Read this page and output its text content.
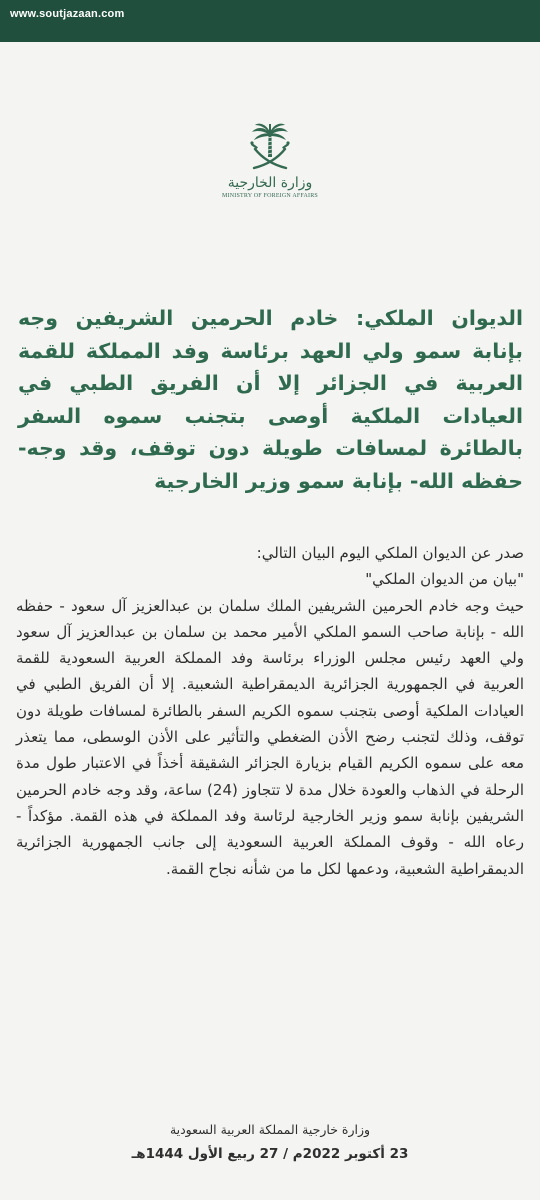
www.soutjazaan.com
وزارة الخارجية
MINISTRY OF FOREIGN AFFAIRS
الديوان الملكي: خادم الحرمين الشريفين وجه بإنابة سمو ولي العهد برئاسة وفد المملكة للقمة العربية في الجزائر إلا أن الفريق الطبي في العيادات الملكية أوصى بتجنب سموه السفر بالطائرة لمسافات طويلة دون توقف، وقد وجه- حفظه الله- بإنابة سمو وزير الخارجية

صدر عن الديوان الملكي اليوم البيان التالي:

"بيان من الديوان الملكي"

حيث وجه خادم الحرمين الشريفين الملك سلمان بن عبدالعزيز آل سعود - حفظه الله - بإنابة صاحب السمو الملكي الأمير محمد بن سلمان بن عبدالعزيز آل سعود ولي العهد رئيس مجلس الوزراء برئاسة وفد المملكة العربية السعودية للقمة العربية في الجمهورية الجزائرية الديمقراطية الشعبية. إلا أن الفريق الطبي في العيادات الملكية أوصى بتجنب سموه الكريم السفر بالطائرة لمسافات طويلة دون توقف، وذلك لتجنب رضح الأذن الضغطي والتأثير على الأذن الوسطى، مما يتعذر معه على سموه الكريم القيام بزيارة الجزائر الشقيقة أخذاً في الاعتبار طول مدة الرحلة في الذهاب والعودة خلال مدة لا تتجاوز (24) ساعة، وقد وجه خادم الحرمين الشريفين بإنابة سمو وزير الخارجية لرئاسة وفد المملكة في هذه القمة. مؤكداً - رعاه الله - وقوف المملكة العربية السعودية إلى جانب الجمهورية الجزائرية الديمقراطية الشعبية، ودعمها لكل ما من شأنه نجاح القمة.

وزارة خارجية المملكة العربية السعودية
23 أكتوبر 2022م / 27 ربيع الأول 1444هـ
